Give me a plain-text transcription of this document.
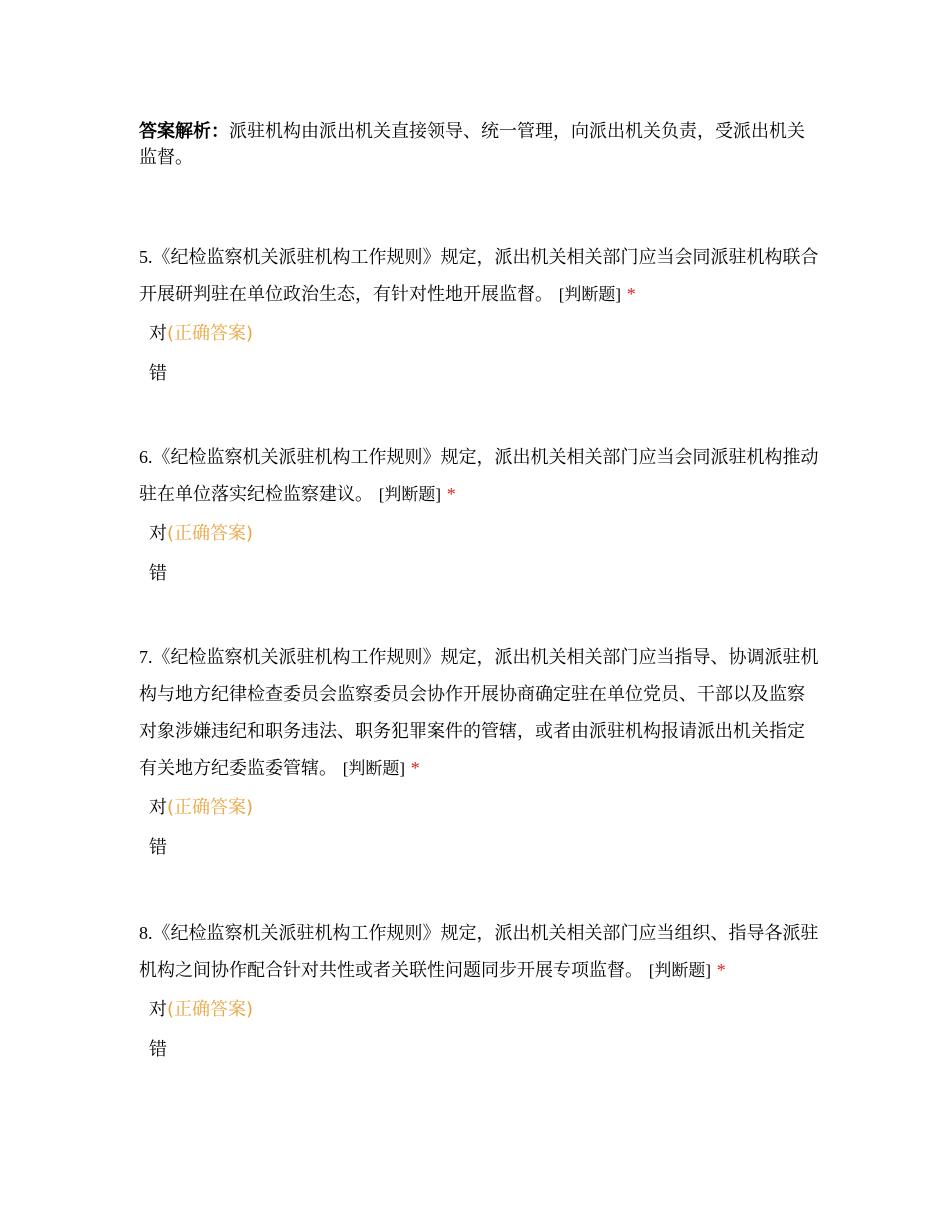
答案解析：派驻机构由派出机关直接领导、统一管理，向派出机关负责，受派出机关监督。

5.《纪检监察机关派驻机构工作规则》规定，派出机关相关部门应当会同派驻机构联合开展研判驻在单位政治生态，有针对性地开展监督。 [判断题] *

对(正确答案)
错

6.《纪检监察机关派驻机构工作规则》规定，派出机关相关部门应当会同派驻机构推动驻在单位落实纪检监察建议。 [判断题] *

对(正确答案)
错

7.《纪检监察机关派驻机构工作规则》规定，派出机关相关部门应当指导、协调派驻机构与地方纪律检查委员会监察委员会协作开展协商确定驻在单位党员、干部以及监察对象涉嫌违纪和职务违法、职务犯罪案件的管辖，或者由派驻机构报请派出机关指定有关地方纪委监委管辖。 [判断题] *

对(正确答案)
错

8.《纪检监察机关派驻机构工作规则》规定，派出机关相关部门应当组织、指导各派驻机构之间协作配合针对共性或者关联性问题同步开展专项监督。 [判断题] *

对(正确答案)
错
